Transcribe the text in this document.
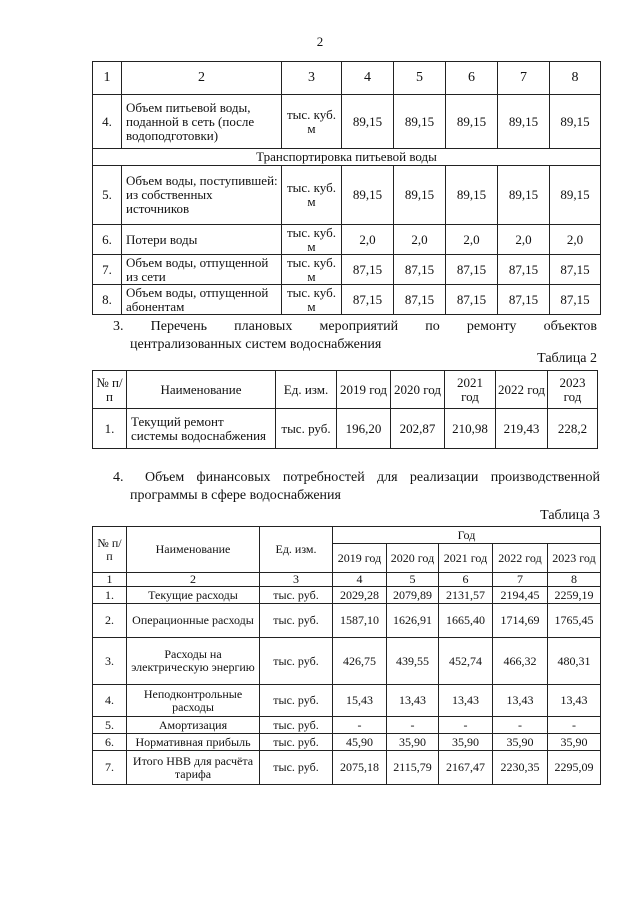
2
1	2	3	4	5	6	7	8
4.	Объем питьевой воды, поданной в сеть (после водоподготовки)	тыс. куб. м	89,15	89,15	89,15	89,15	89,15
Транспортировка питьевой воды							
5.	Объем воды, поступившей: из собственных источников	тыс. куб. м	89,15	89,15	89,15	89,15	89,15
6.	Потери воды	тыс. куб. м	2,0	2,0	2,0	2,0	2,0
7.	Объем воды, отпущенной из сети	тыс. куб. м	87,15	87,15	87,15	87,15	87,15
8.	Объем воды, отпущенной абонентам	тыс. куб. м	87,15	87,15	87,15	87,15	87,15
3. Перечень плановых мероприятий по ремонту объектов
централизованных систем водоснабжения
Таблица 2
№ п/п	Наименование	Ед. изм.	2019 год	2020 год	2021 год	2022 год	2023 год
1.	Текущий ремонт системы водоснабжения	тыс. руб.	196,20	202,87	210,98	219,43	228,2
4.	Объем финансовых потребностей для реализации производственной
программы в сфере водоснабжения
Таблица 3
№ п/п	Наименование	Ед. изм.	Год				
			2019 год	2020 год	2021 год	2022 год	2023 год
1	2	3	4	5	6	7	8
1.	Текущие расходы	тыс. руб.	2029,28	2079,89	2131,57	2194,45	2259,19
2.	Операционные расходы	тыс. руб.	1587,10	1626,91	1665,40	1714,69	1765,45
3.	Расходы на электрическую энергию	тыс. руб.	426,75	439,55	452,74	466,32	480,31
4.	Неподконтрольные расходы	тыс. руб.	15,43	13,43	13,43	13,43	13,43
5.	Амортизация	тыс. руб.	-	-	-	-	-
6.	Нормативная прибыль	тыс. руб.	45,90	35,90	35,90	35,90	35,90
7.	Итого НВВ для расчёта тарифа	тыс. руб.	2075,18	2115,79	2167,47	2230,35	2295,09
